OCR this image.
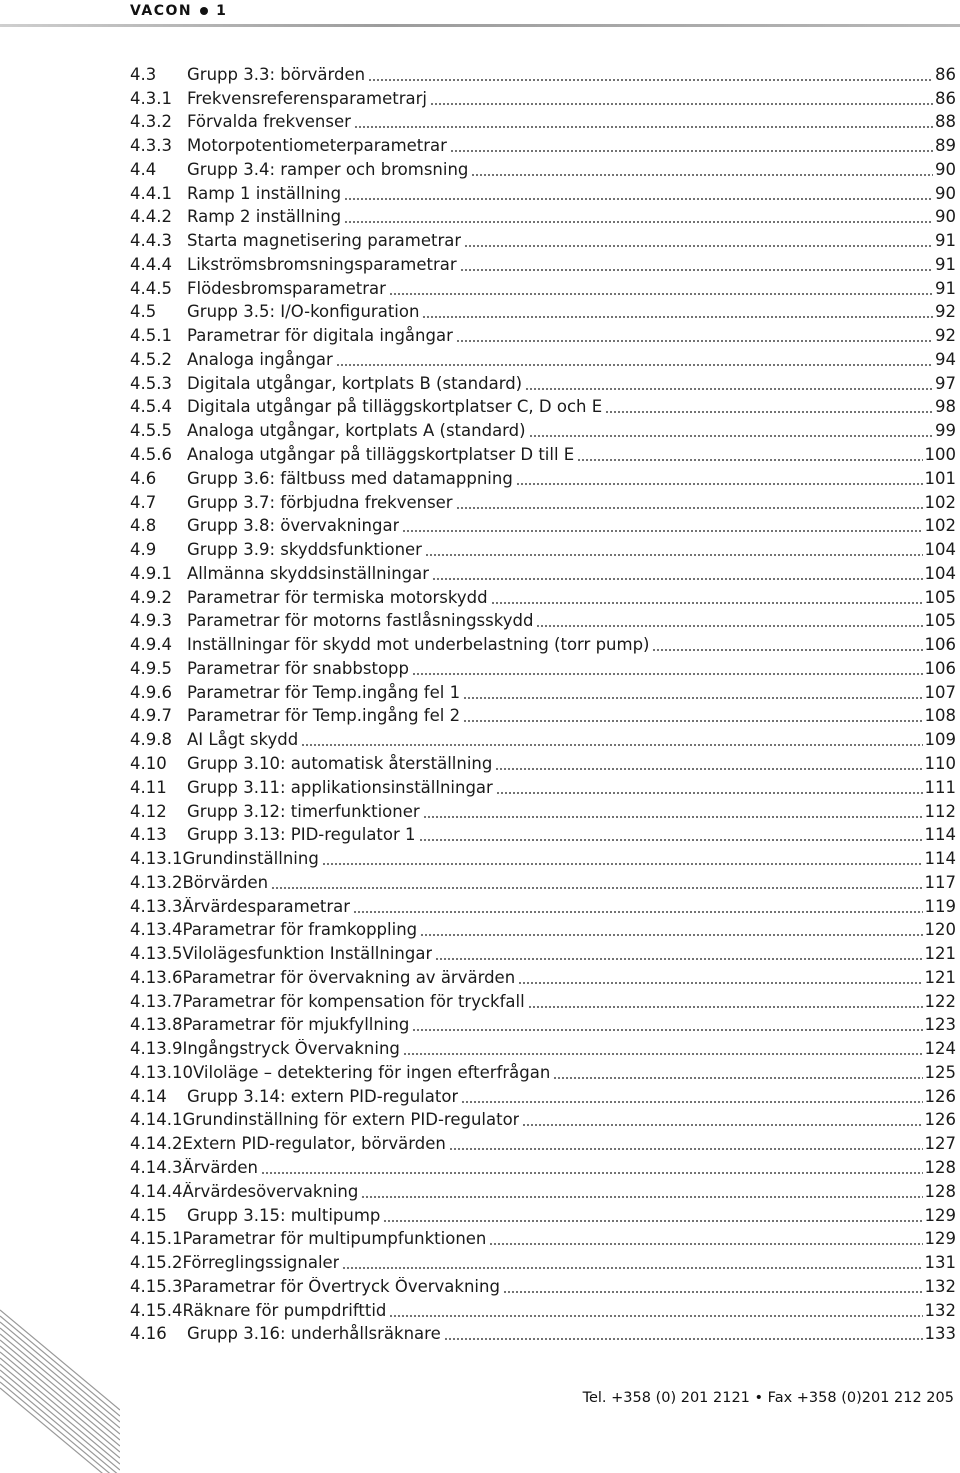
VACON 1
4.3	Grupp 3.3: börvärden	86
4.3.1 Frekvensreferensparametrarj	86
4.3.2 Förvalda frekvenser	88
4.3.3 Motorpotentiometerparametrar	89
4.4	Grupp 3.4: ramper och bromsning	90
4.4.1 Ramp 1 inställning	90
4.4.2 Ramp 2 inställning	90
4.4.3 Starta magnetisering parametrar	91
4.4.4 Likströmsbromsningsparametrar	91
4.4.5 Flödesbromsparametrar	91
4.5	Grupp 3.5: I/O-konfiguration	92
4.5.1 Parametrar för digitala ingångar	92
4.5.2 Analoga ingångar	94
4.5.3 Digitala utgångar, kortplats B (standard)	97
4.5.4 Digitala utgångar på tilläggskortplatser C, D och E	98
4.5.5 Analoga utgångar, kortplats A (standard)	99
4.5.6 Analoga utgångar på tilläggskortplatser D till E	100
4.6	Grupp 3.6: fältbuss med datamappning	101
4.7	Grupp 3.7: förbjudna frekvenser	102
4.8	Grupp 3.8: övervakningar	102
4.9	Grupp 3.9: skyddsfunktioner	104
4.9.1 Allmänna skyddsinställningar	104
4.9.2 Parametrar för termiska motorskydd	105
4.9.3 Parametrar för motorns fastlåsningsskydd	105
4.9.4 Inställningar för skydd mot underbelastning (torr pump)	106
4.9.5 Parametrar för snabbstopp	106
4.9.6 Parametrar för Temp.ingång fel 1	107
4.9.7 Parametrar för Temp.ingång fel 2	108
4.9.8 AI Lågt skydd	109
4.10	Grupp 3.10: automatisk återställning	110
4.11	Grupp 3.11: applikationsinställningar	111
4.12	Grupp 3.12: timerfunktioner	112
4.13	Grupp 3.13: PID-regulator 1	114
4.13.1 Grundinställning	114
4.13.2 Börvärden	117
4.13.3 Ärvärdesparametrar	119
4.13.4 Parametrar för framkoppling	120
4.13.5 Vilolägesfunktion Inställningar	121
4.13.6 Parametrar för övervakning av ärvärden	121
4.13.7 Parametrar för kompensation för tryckfall	122
4.13.8 Parametrar för mjukfyllning	123
4.13.9 Ingångstryck Övervakning	124
4.13.10 Viloläge – detektering för ingen efterfrågan	125
4.14	Grupp 3.14: extern PID-regulator	126
4.14.1 Grundinställning för extern PID-regulator	126
4.14.2 Extern PID-regulator, börvärden	127
4.14.3 Ärvärden	128
4.14.4 Ärvärdesövervakning	128
4.15	Grupp 3.15: multipump	129
4.15.1 Parametrar för multipumpfunktionen	129
4.15.2 Förreglingssignaler	131
4.15.3 Parametrar för Övertryck Övervakning	132
4.15.4 Räknare för pumpdrifttid	132
4.16	Grupp 3.16: underhållsräknare	133
Tel. +358 (0) 201 2121 • Fax +358 (0)201 212 205
